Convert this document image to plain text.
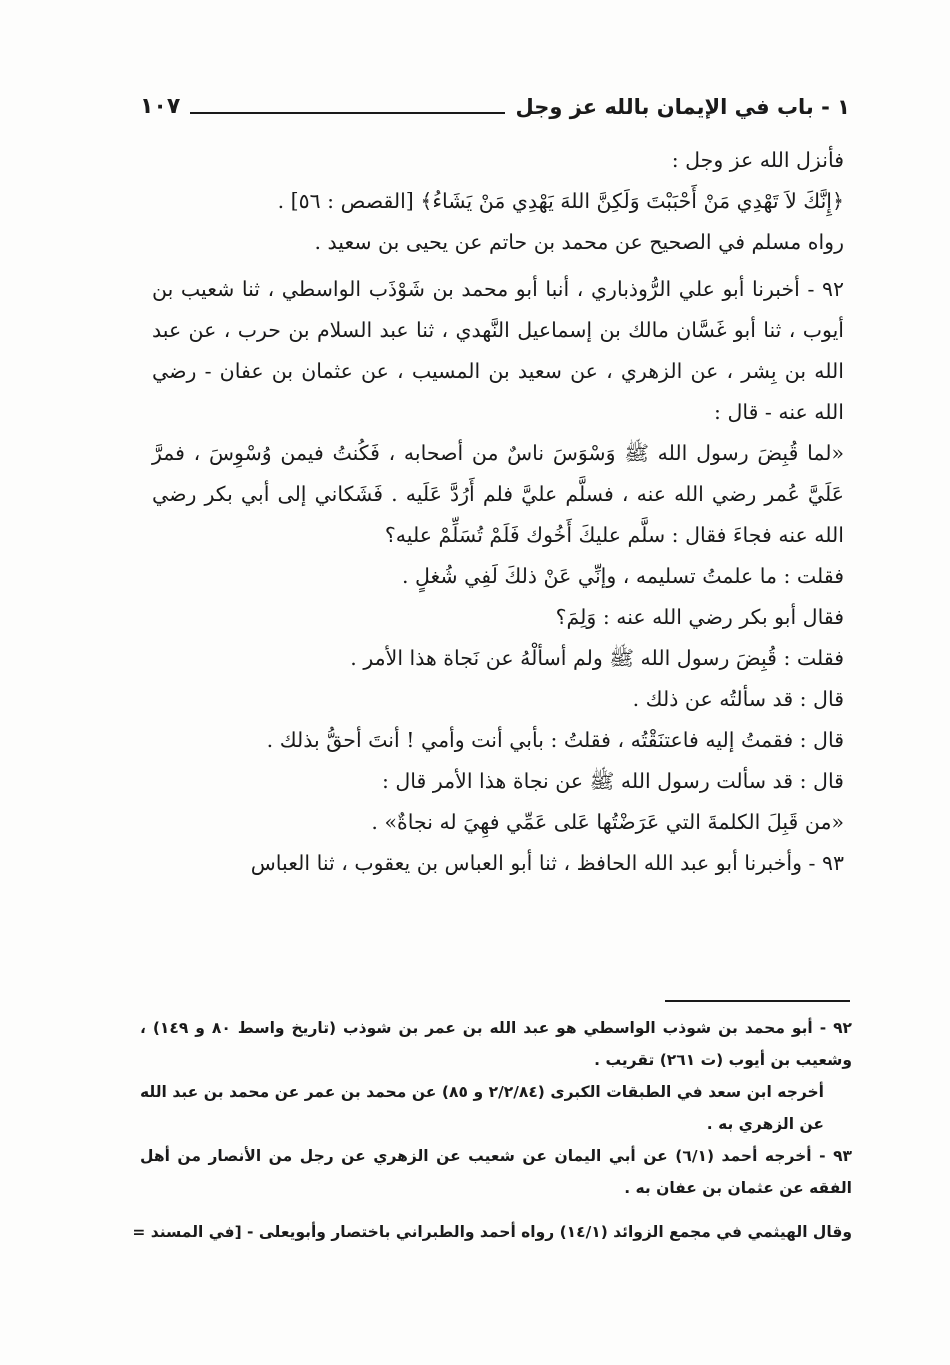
١ - باب في الإيمان بالله عز وجل
١٠٧

فأنزل الله عز وجل :

﴿إِنَّكَ لاَ تَهْدِي مَنْ أَحْبَبْتَ وَلَكِنَّ اللهَ يَهْدِي مَنْ يَشَاءُ﴾ [القصص : ٥٦] .

رواه مسلم في الصحيح عن محمد بن حاتم عن يحيى بن سعيد .

٩٢ - أخبرنا أبو علي الرُّوذباري ، أنبا أبو محمد بن شَوْذَب الواسطي ، ثنا شعيب بن أيوب ، ثنا أبو غَسَّان مالك بن إسماعيل النَّهدي ، ثنا عبد السلام بن حرب ، عن عبد الله بن بِشر ، عن الزهري ، عن سعيد بن المسيب ، عن عثمان بن عفان - رضي الله عنه - قال :

«لما قُبِضَ رسول الله ﷺ وَسْوَسَ ناسٌ من أصحابه ، فَكُنتُ فيمن وُسْوِسَ ، فمرَّ عَلَيَّ عُمر رضي الله عنه ، فسلَّم عليَّ فلم أَرُدَّ عَلَيه . فَشَكاني إلى أبي بكر رضي الله عنه فجاءَ فقال : سلَّم عليكَ أَخُوك فَلَمْ تُسَلِّمْ عليه؟

فقلت : ما علمتُ تسليمه ، وإنِّي عَنْ ذلكَ لَفِي شُغلٍ .

فقال أبو بكر رضي الله عنه : وَلِمَ؟

فقلت : قُبِضَ رسول الله ﷺ ولم أسألْهُ عن نَجاة هذا الأمر .

قال : قد سألتُه عن ذلك .

قال : فقمتُ إليه فاعتنَقْتُه ، فقلتُ : بأبي أنت وأمي ! أنتَ أحقُّ بذلك .

قال : قد سألت رسول الله ﷺ عن نجاة هذا الأمر قال :

«من قَبِلَ الكلمةَ التي عَرَضْتُها عَلى عَمِّي فهِيَ له نجاةٌ» .

٩٣ - وأخبرنا أبو عبد الله الحافظ ، ثنا أبو العباس بن يعقوب ، ثنا العباس

٩٢ - أبو محمد بن شوذب الواسطي هو عبد الله بن عمر بن شوذب (تاريخ واسط ٨٠ و ١٤٩) ، وشعيب بن أيوب (ت ٢٦١) تقريب .

أخرجه ابن سعد في الطبقات الكبرى (٢/٢/٨٤ و ٨٥) عن محمد بن عمر عن محمد بن عبد الله عن الزهري به .

٩٣ - أخرجه أحمد (٦/١) عن أبي اليمان عن شعيب عن الزهري عن رجل من الأنصار من أهل الفقه عن عثمان بن عفان به .

وقال الهيثمي في مجمع الزوائد (١٤/١) رواه أحمد والطبراني باختصار وأبويعلى - [في المسند =
